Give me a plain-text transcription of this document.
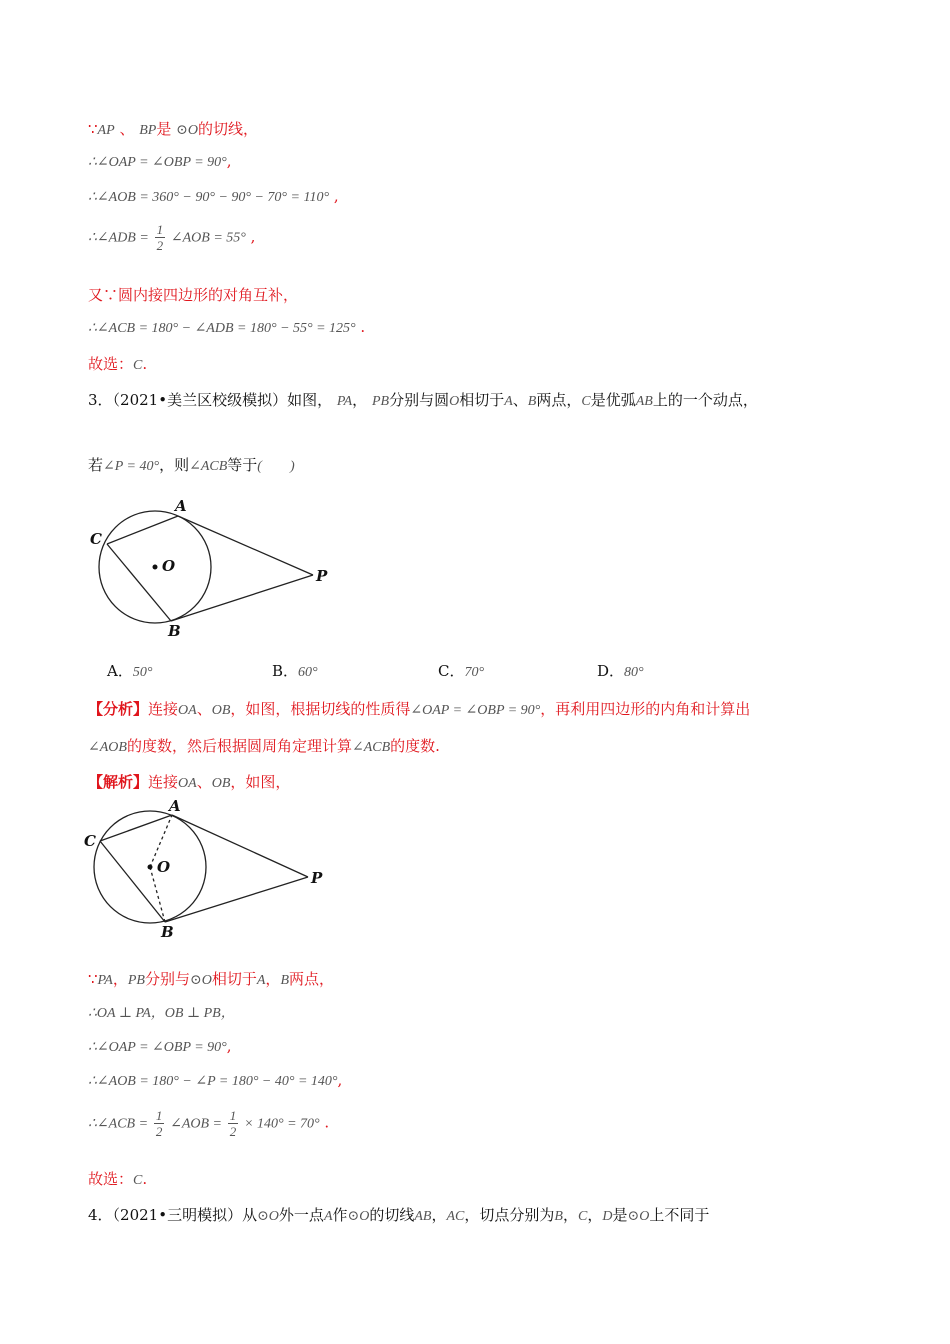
∵AP 、 BP是 ⊙O的切线，
∴∠OAP = ∠OBP = 90°,
∴∠AOB = 360° − 90° − 90° − 70° = 110° ,
∴∠ADB = $\frac{1}{2}$ ∠AOB = 55° ,
又∵圆内接四边形的对角互补，
∴∠ACB = 180° − ∠ADB = 180° − 55° = 125° .
故选：C.
3．（2021•美兰区校级模拟）如图， PA， PB分别与圆O相切于A、B两点，C是优弧AB上的一个动点，
若∠P = 40°，则∠ACB等于(　　)
A
C
O
P
B
A．50°	B．60°	C．70°	D．80°
【分析】连接OA、OB，如图，根据切线的性质得∠OAP = ∠OBP = 90°，再利用四边形的内角和计算出
∠AOB的度数，然后根据圆周角定理计算∠ACB的度数.
【解析】连接OA、OB，如图，
A
C
O
P
B
∵PA，PB分别与⊙O相切于A，B两点，
∴OA ⊥ PA，OB ⊥ PB，
∴∠OAP = ∠OBP = 90°,
∴∠AOB = 180° − ∠P = 180° − 40° = 140°,
∴∠ACB = $\frac{1}{2}$ ∠AOB = $\frac{1}{2} \times 140^\circ = 70^\circ$ .
故选：C.
4．（2021•三明模拟）从⊙O外一点A作⊙O的切线AB，AC，切点分别为B，C，D是⊙O上不同于
